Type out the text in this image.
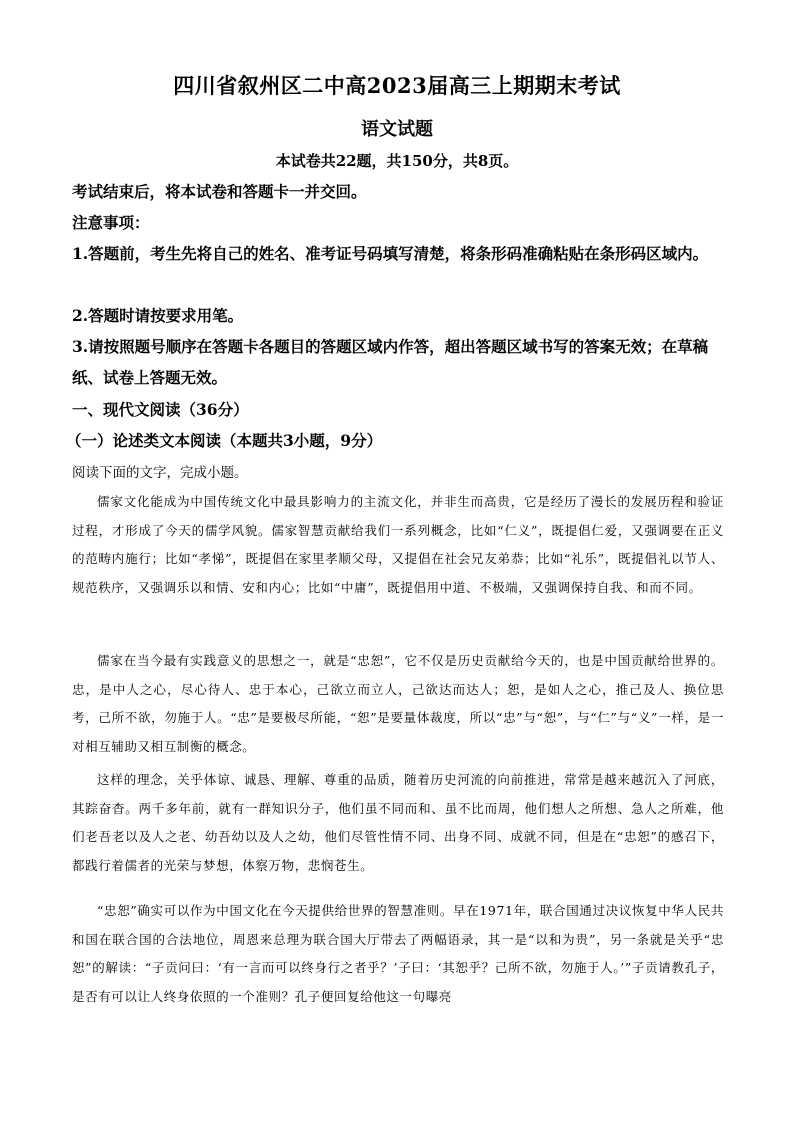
四川省叙州区二中高2023届高三上期期末考试
语文试题
本试卷共22题，共150分，共8页。
考试结束后，将本试卷和答题卡一并交回。
注意事项：
1.答题前，考生先将自己的姓名、准考证号码填写清楚，将条形码准确粘贴在条形码区域内。
2.答题时请按要求用笔。
3.请按照题号顺序在答题卡各题目的答题区域内作答，超出答题区域书写的答案无效；在草稿纸、试卷上答题无效。
一、现代文阅读（36分）
（一）论述类文本阅读（本题共3小题，9分）
阅读下面的文字，完成小题。
儒家文化能成为中国传统文化中最具影响力的主流文化，并非生而高贵，它是经历了漫长的发展历程和验证过程，才形成了今天的儒学风貌。儒家智慧贡献给我们一系列概念，比如“仁义”，既提倡仁爱，又强调要在正义的范畴内施行；比如“孝悌”，既提倡在家里孝顺父母，又提倡在社会兄友弟恭；比如“礼乐”，既提倡礼以节人、规范秩序，又强调乐以和情、安和内心；比如“中庸”，既提倡用中道、不极端，又强调保持自我、和而不同。
儒家在当今最有实践意义的思想之一，就是“忠恕”，它不仅是历史贡献给今天的，也是中国贡献给世界的。忠，是中人之心，尽心待人、忠于本心，己欲立而立人，己欲达而达人；恕，是如人之心，推己及人、换位思考，己所不欲，勿施于人。“忠”是要极尽所能，“恕”是要量体裁度，所以“忠”与“恕”，与“仁”与“义”一样，是一对相互辅助又相互制衡的概念。
这样的理念，关乎体谅、诚恳、理解、尊重的品质，随着历史河流的向前推进，常常是越来越沉入了河底，其踪奋杳。两千多年前，就有一群知识分子，他们虽不同而和、虽不比而周，他们想人之所想、急人之所难，他们老吾老以及人之老、幼吾幼以及人之幼，他们尽管性情不同、出身不同、成就不同，但是在“忠恕”的感召下，都践行着儒者的光荣与梦想，体察万物，悲悯苍生。
“忠恕”确实可以作为中国文化在今天提供给世界的智慧准则。早在1971年，联合国通过决议恢复中华人民共和国在联合国的合法地位，周恩来总理为联合国大厅带去了两幅语录，其一是“以和为贵”，另一条就是关乎“忠恕”的解读：“子贡问曰：‘有一言而可以终身行之者乎？’子曰：‘其恕乎？己所不欲，勿施于人。’”子贡请教孔子，是否有可以让人终身依照的一个准则？孔子便回复给他这一句曝亮
